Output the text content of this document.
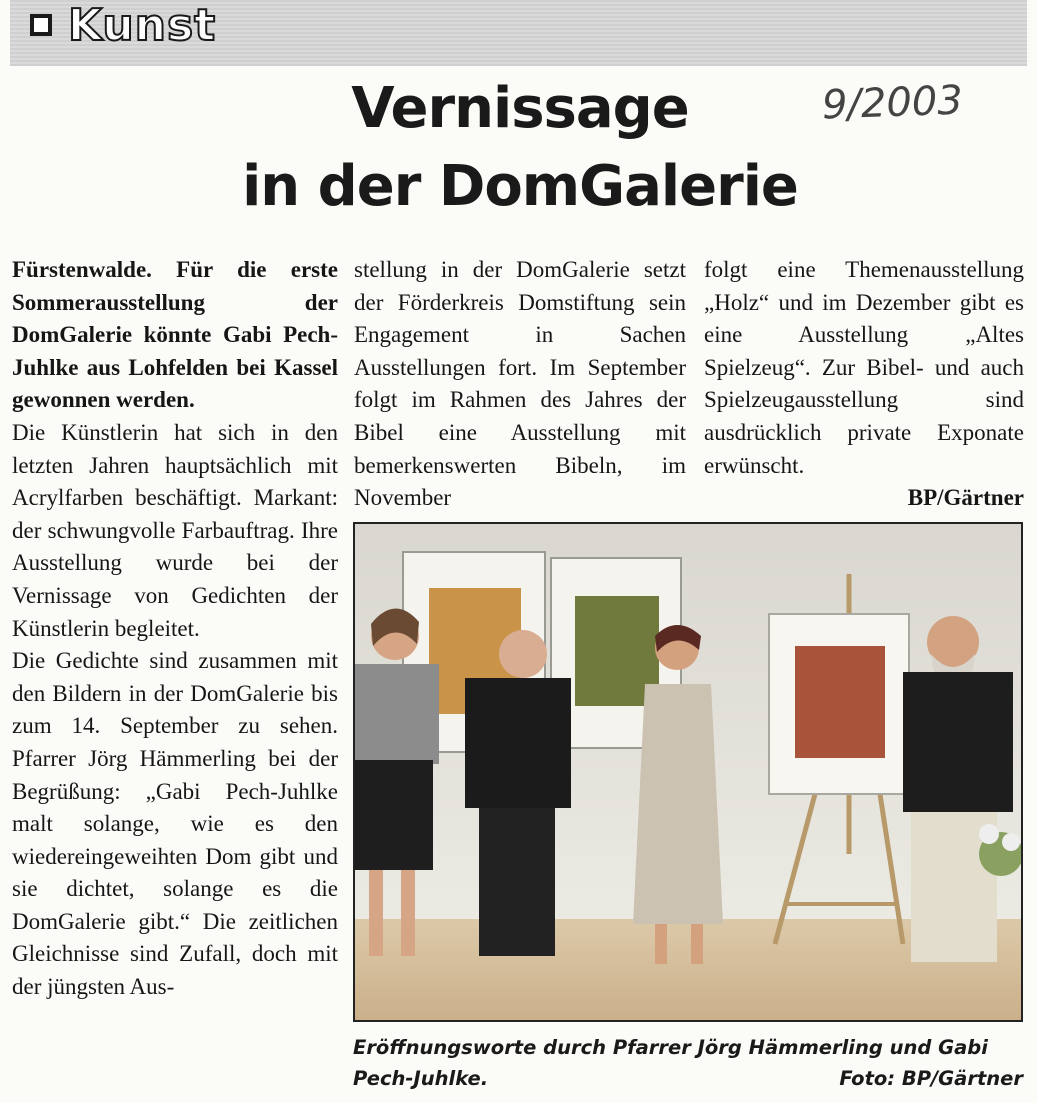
Kunst
Vernissage
in der DomGalerie
9/2003

Fürstenwalde. Für die erste Sommerausstellung der DomGalerie könnte Gabi Pech-Juhlke aus Lohfelden bei Kassel gewonnen werden.

Die Künstlerin hat sich in den letzten Jahren hauptsächlich mit Acrylfarben beschäftigt. Markant: der schwungvolle Farbauftrag. Ihre Ausstellung wurde bei der Vernissage von Gedichten der Künstlerin begleitet.

Die Gedichte sind zusammen mit den Bildern in der DomGalerie bis zum 14. September zu sehen. Pfarrer Jörg Hämmerling bei der Begrüßung: „Gabi Pech-Juhlke malt solange, wie es den wiedereingeweihten Dom gibt und sie dichtet, solange es die DomGalerie gibt.“ Die zeitlichen Gleichnisse sind Zufall, doch mit der jüngsten Aus-

stellung in der DomGalerie setzt der Förderkreis Domstiftung sein Engagement in Sachen Ausstellungen fort. Im September folgt im Rahmen des Jahres der Bibel eine Ausstellung mit bemerkenswerten Bibeln, im November

folgt eine Themenausstellung „Holz“ und im Dezember gibt es eine Ausstellung „Altes Spielzeug“. Zur Bibel- und auch Spielzeugausstellung sind ausdrücklich private Exponate erwünscht.

BP/Gärtner

Eröffnungsworte durch Pfarrer Jörg Hämmerling und Gabi Pech-Juhlke.	Foto: BP/Gärtner
